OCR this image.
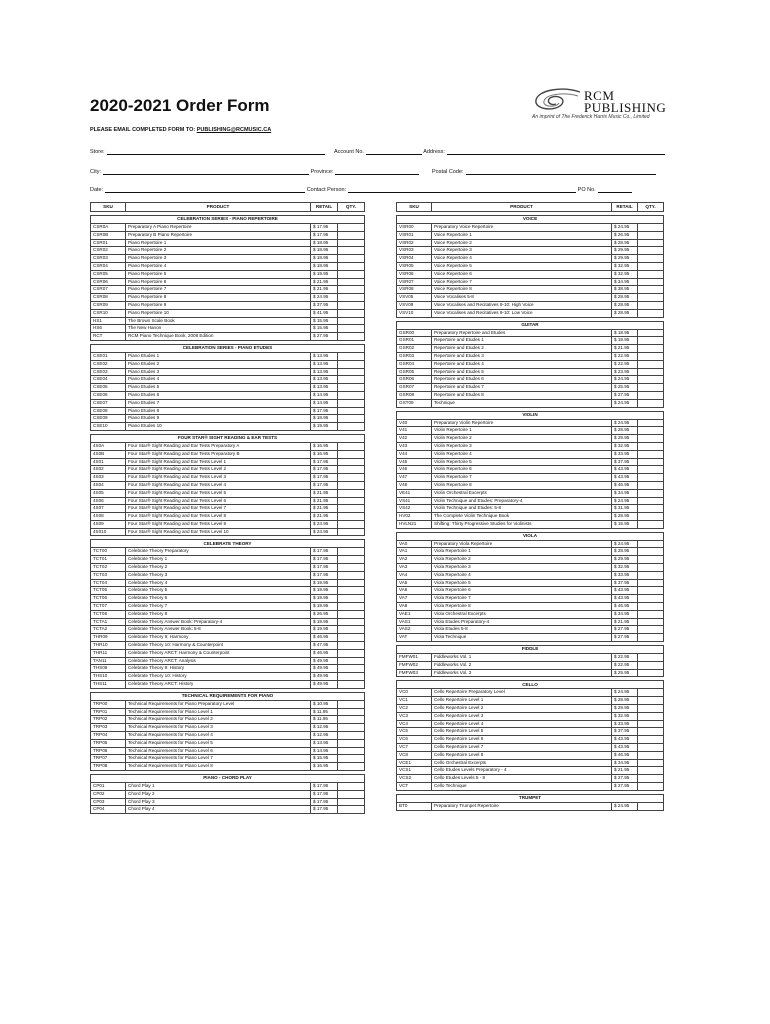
2020-2021 Order Form
RCM
PUBLISHING
An imprint of The Frederick Harris Music Co., Limited
PLEASE EMAIL COMPLETED FORM TO: PUBLISHING@RCMUSIC.CA
Store:	Account No.	Address:
City:	Province:	Postal Code:
Date:	Contact Person:	PO No.
SKU	PRODUCT	RETAIL	QTY.

CELEBRATION SERIES - PIANO REPERTOIRE			
CSR0A	Preparatory A Piano Repertoire	$ 17.95	
CSR0B	Preparatory B Piano Repertoire	$ 17.95	
CSR01	Piano Repertoire 1	$ 18.95	
CSR02	Piano Repertoire 2	$ 18.95	
CSR03	Piano Repertoire 3	$ 18.95	
CSR04	Piano Repertoire 4	$ 18.95	
CSR05	Piano Repertoire 5	$ 19.95	
CSR06	Piano Repertoire 6	$ 21.95	
CSR07	Piano Repertoire 7	$ 21.95	
CSR08	Piano Repertoire 8	$ 24.95	
CSR09	Piano Repertoire 9	$ 37.95	
CSR10	Piano Repertoire 10	$ 41.95	
HS1	The Brown Scale Book	$ 15.95	
HS6	The New Hanon	$ 15.95	
RCT	RCM Piano Technique Book, 2008 Edition	$ 27.95	

CELEBRATION SERIES - PIANO ETUDES			
CSE01	Piano Etudes 1	$ 13.95	
CSE02	Piano Etudes 2	$ 13.95	
CSE03	Piano Etudes 3	$ 13.95	
CSE04	Piano Etudes 4	$ 13.95	
CSE05	Piano Etudes 5	$ 13.95	
CSE06	Piano Etudes 6	$ 14.95	
CSE07	Piano Etudes 7	$ 14.95	
CSE08	Piano Etudes 8	$ 17.95	
CSE09	Piano Etudes 9	$ 18.95	
CSE10	Piano Etudes 10	$ 19.95	

FOUR STAR® SIGHT READING & EAR TESTS			
4S0A	Four Star® Sight Reading and Ear Tests Preparatory A	$ 16.95	
4S0B	Four Star® Sight Reading and Ear Tests Preparatory B	$ 16.95	
4S01	Four Star® Sight Reading and Ear Tests Level 1	$ 17.95	
4S02	Four Star® Sight Reading and Ear Tests Level 2	$ 17.95	
4S03	Four Star® Sight Reading and Ear Tests Level 3	$ 17.95	
4S04	Four Star® Sight Reading and Ear Tests Level 4	$ 17.95	
4S05	Four Star® Sight Reading and Ear Tests Level 5	$ 21.95	
4S06	Four Star® Sight Reading and Ear Tests Level 6	$ 21.95	
4S07	Four Star® Sight Reading and Ear Tests Level 7	$ 21.95	
4S08	Four Star® Sight Reading and Ear Tests Level 8	$ 21.95	
4S09	Four Star® Sight Reading and Ear Tests Level 9	$ 24.95	
4S010	Four Star® Sight Reading and Ear Tests Level 10	$ 24.95	

CELEBRATE THEORY			
TCT00	Celebrate Theory Preparatory	$ 17.95	
TCT01	Celebrate Theory 1	$ 17.95	
TCT02	Celebrate Theory 2	$ 17.95	
TCT03	Celebrate Theory 3	$ 17.95	
TCT04	Celebrate Theory 4	$ 19.95	
TCT05	Celebrate Theory 5	$ 19.95	
TCT06	Celebrate Theory 6	$ 19.95	
TCT07	Celebrate Theory 7	$ 19.95	
TCT08	Celebrate Theory 8	$ 26.95	
TCTA1	Celebrate Theory Answer Book: Preparatory-4	$ 19.95	
TCTA2	Celebrate Theory Answer Book: 5-8	$ 19.95	
THR09	Celebrate Theory 9: Harmony	$ 46.95	
THR10	Celebrate Theory 10: Harmony & Counterpoint	$ 47.95	
THR11	Celebrate Theory ARCT: Harmony & Counterpoint	$ 46.95	
TAN11	Celebrate Theory ARCT: Analysis	$ 49.95	
THS09	Celebrate Theory 9: History	$ 49.95	
THS10	Celebrate Theory 10: History	$ 49.95	
THS11	Celebrate Theory ARCT: History	$ 49.95	

TECHNICAL REQUIREMENTS FOR PIANO			
TRP00	Technical Requirements for Piano Preparatory Level	$ 10.95	
TRP01	Technical Requirements for Piano Level 1	$ 11.95	
TRP02	Technical Requirements for Piano Level 2	$ 11.95	
TRP03	Technical Requirements for Piano Level 3	$ 12.95	
TRP04	Technical Requirements for Piano Level 4	$ 12.95	
TRP05	Technical Requirements for Piano Level 5	$ 13.95	
TRP06	Technical Requirements for Piano Level 6	$ 14.95	
TRP07	Technical Requirements for Piano Level 7	$ 15.95	
TRP08	Technical Requirements for Piano Level 8	$ 16.95	

PIANO - CHORD PLAY			
CP01	Chord Play 1	$ 17.95	
CP02	Chord Play 2	$ 17.95	
CP03	Chord Play 3	$ 17.95	
CP04	Chord Play 4	$ 17.95	
SKU	PRODUCT	RETAIL	QTY.

VOICE			
VSR00	Preparatory Voice Repertoire	$ 24.95	
VSR01	Voice Repertoire 1	$ 26.95	
VSR02	Voice Repertoire 2	$ 28.95	
VSR03	Voice Repertoire 3	$ 29.95	
VSR04	Voice Repertoire 4	$ 29.95	
VSR05	Voice Repertoire 5	$ 32.95	
VSR06	Voice Repertoire 6	$ 32.95	
VSR07	Voice Repertoire 7	$ 34.95	
VSR08	Voice Repertoire 8	$ 38.95	
VSV05	Voice Vocalises 5-8	$ 28.95	
VSV09	Voice Vocalises and Recitatives 9-10: High Voice	$ 28.95	
VSV10	Voice Vocalises and Recitatives 9-10: Low Voice	$ 28.95	

GUITAR			
GSR00	Preparatory Repertoire and Etudes	$ 18.95	
GSR01	Repertoire and Etudes 1	$ 19.95	
GSR02	Repertoire and Etudes 2	$ 21.95	
GSR03	Repertoire and Etudes 3	$ 22.95	
GSR04	Repertoire and Etudes 4	$ 22.95	
GSR05	Repertoire and Etudes 5	$ 23.95	
GSR06	Repertoire and Etudes 6	$ 24.95	
GSR07	Repertoire and Etudes 7	$ 25.95	
GSR08	Repertoire and Etudes 8	$ 27.95	
GST09	Technique	$ 24.95	

VIOLIN			
V40	Preparatory Violin Repertoire	$ 24.95	
V41	Violin Repertoire 1	$ 28.95	
V42	Violin Repertoire 2	$ 29.95	
V43	Violin Repertoire 3	$ 32.95	
V44	Violin Repertoire 4	$ 33.95	
V45	Violin Repertoire 5	$ 37.95	
V46	Violin Repertoire 6	$ 43.95	
V47	Violin Repertoire 7	$ 43.95	
V48	Violin Repertoire 8	$ 46.95	
VE41	Violin Orchestral Excerpts	$ 34.95	
VS41	Violin Technique and Etudes: Preparatory-4	$ 24.95	
VS42	Violin Technique and Etudes: 5-8	$ 31.95	
HV02	The Complete Violin Technique Book	$ 28.95	
HVLN21	Shifting: Thirty Progressive Studies for Violinists	$ 15.95	

VIOLA			
VA0	Preparatory Viola Repertoire	$ 24.95	
VA1	Viola Repertoire 1	$ 28.95	
VA2	Viola Repertoire 2	$ 29.95	
VA3	Viola Repertoire 3	$ 32.95	
VA4	Viola Repertoire 4	$ 33.95	
VA5	Viola Repertoire 5	$ 37.95	
VA6	Viola Repertoire 6	$ 43.95	
VA7	Viola Repertoire 7	$ 43.95	
VA8	Viola Repertoire 8	$ 46.95	
VAE1	Viola Orchestral Excerpts	$ 34.95	
VAS1	Viola Etudes Preparatory-4	$ 21.95	
VAS2	Viola Etudes 5-8	$ 27.95	
VAT	Viola Technique	$ 27.95	

FIDDLE			
FMFW01	Fiddleworks Vol. 1	$ 22.95	
FMFW02	Fiddleworks Vol. 2	$ 22.95	
FMFW03	Fiddleworks Vol. 3	$ 25.95	

CELLO			
VC0	Cello Repertoire Preparatory Level	$ 24.95	
VC1	Cello Repertoire Level 1	$ 28.95	
VC2	Cello Repertoire Level 2	$ 29.95	
VC3	Cello Repertoire Level 3	$ 32.95	
VC4	Cello Repertoire Level 4	$ 33.95	
VC5	Cello Repertoire Level 5	$ 37.95	
VC6	Cello Repertoire Level 6	$ 43.95	
VC7	Cello Repertoire Level 7	$ 43.95	
VC8	Cello Repertoire Level 8	$ 46.95	
VCE1	Cello Orchestral Excerpts	$ 34.95	
VCS1	Cello Etudes Levels Preparatory - 4	$ 21.95	
VCS2	Cello Etudes Levels 5 - 8	$ 27.95	
VCT	Cello Technique	$ 27.95	

TRUMPET			
BT0	Preparatory Trumpet Repertoire	$ 24.95	
